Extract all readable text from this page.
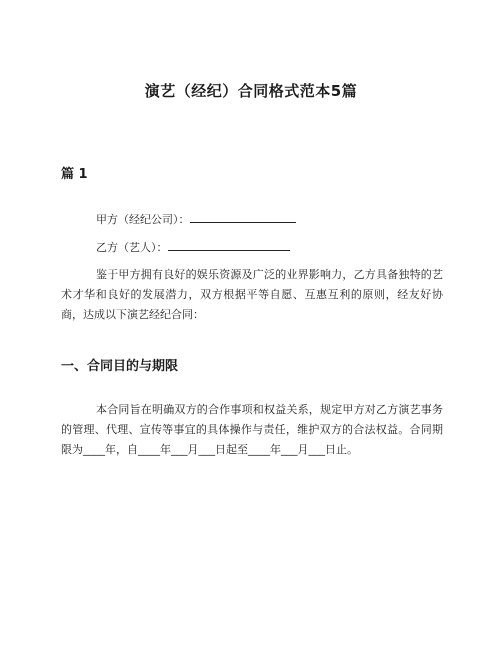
演艺（经纪）合同格式范本5篇
篇 1
甲方（经纪公司）：
乙方（艺人）：
鉴于甲方拥有良好的娱乐资源及广泛的业界影响力，乙方具备独特的艺术才华和良好的发展潜力，双方根据平等自愿、互惠互利的原则，经友好协商，达成以下演艺经纪合同：
一、合同目的与期限
本合同旨在明确双方的合作事项和权益关系，规定甲方对乙方演艺事务的管理、代理、宣传等事宜的具体操作与责任，维护双方的合法权益。合同期限为____年，自____年___月___日起至____年___月___日止。
